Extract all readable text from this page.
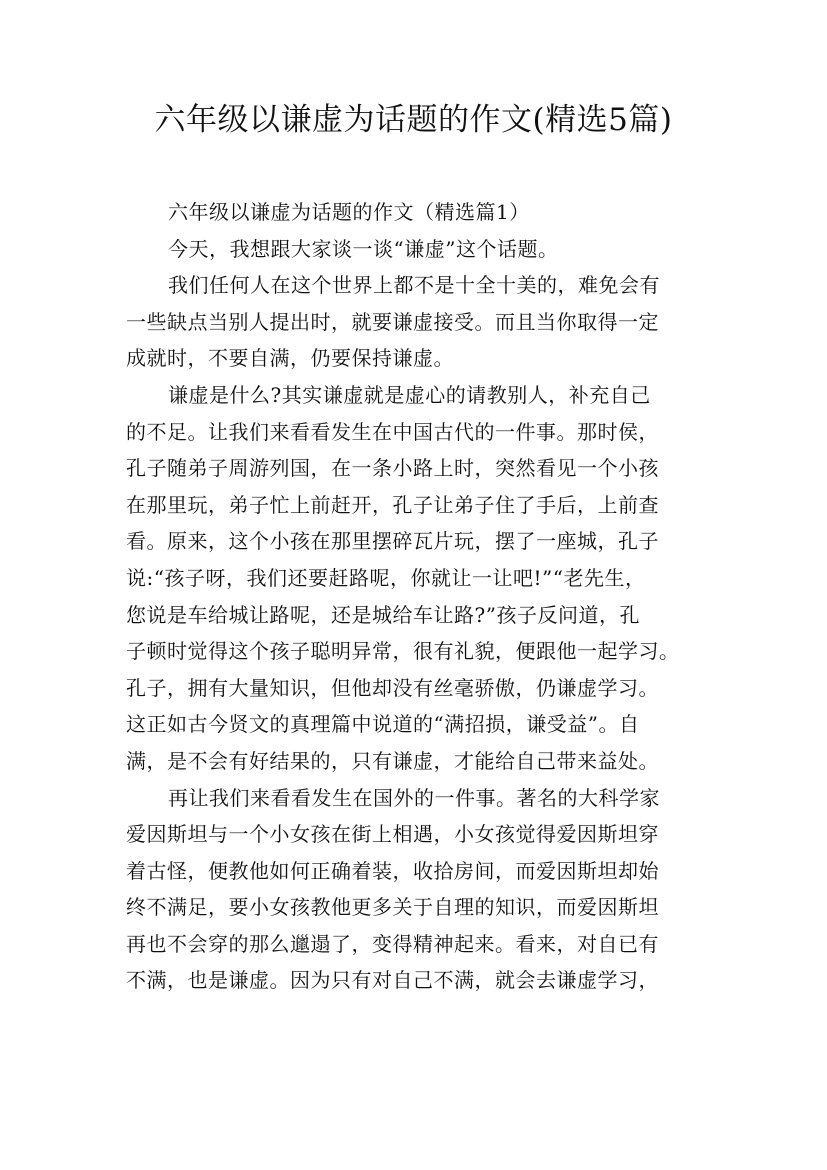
六年级以谦虚为话题的作文(精选5篇)
六年级以谦虚为话题的作文（精选篇1）
今天，我想跟大家谈一谈“谦虚”这个话题。
我们任何人在这个世界上都不是十全十美的，难免会有
一些缺点当别人提出时，就要谦虚接受。而且当你取得一定
成就时，不要自满，仍要保持谦虚。
谦虚是什么?其实谦虚就是虚心的请教别人，补充自己
的不足。让我们来看看发生在中国古代的一件事。那时侯，
孔子随弟子周游列国，在一条小路上时，突然看见一个小孩
在那里玩，弟子忙上前赶开，孔子让弟子住了手后，上前查
看。原来，这个小孩在那里摆碎瓦片玩，摆了一座城，孔子
说:“孩子呀，我们还要赶路呢，你就让一让吧!”“老先生，
您说是车给城让路呢，还是城给车让路?”孩子反问道，孔
子顿时觉得这个孩子聪明异常，很有礼貌，便跟他一起学习。
孔子，拥有大量知识，但他却没有丝毫骄傲，仍谦虚学习。
这正如古今贤文的真理篇中说道的“满招损，谦受益”。自
满，是不会有好结果的，只有谦虚，才能给自己带来益处。
再让我们来看看发生在国外的一件事。著名的大科学家
爱因斯坦与一个小女孩在街上相遇，小女孩觉得爱因斯坦穿
着古怪，便教他如何正确着装，收拾房间，而爱因斯坦却始
终不满足，要小女孩教他更多关于自理的知识，而爱因斯坦
再也不会穿的那么邋遢了，变得精神起来。看来，对自已有
不满，也是谦虚。因为只有对自己不满，就会去谦虚学习，
